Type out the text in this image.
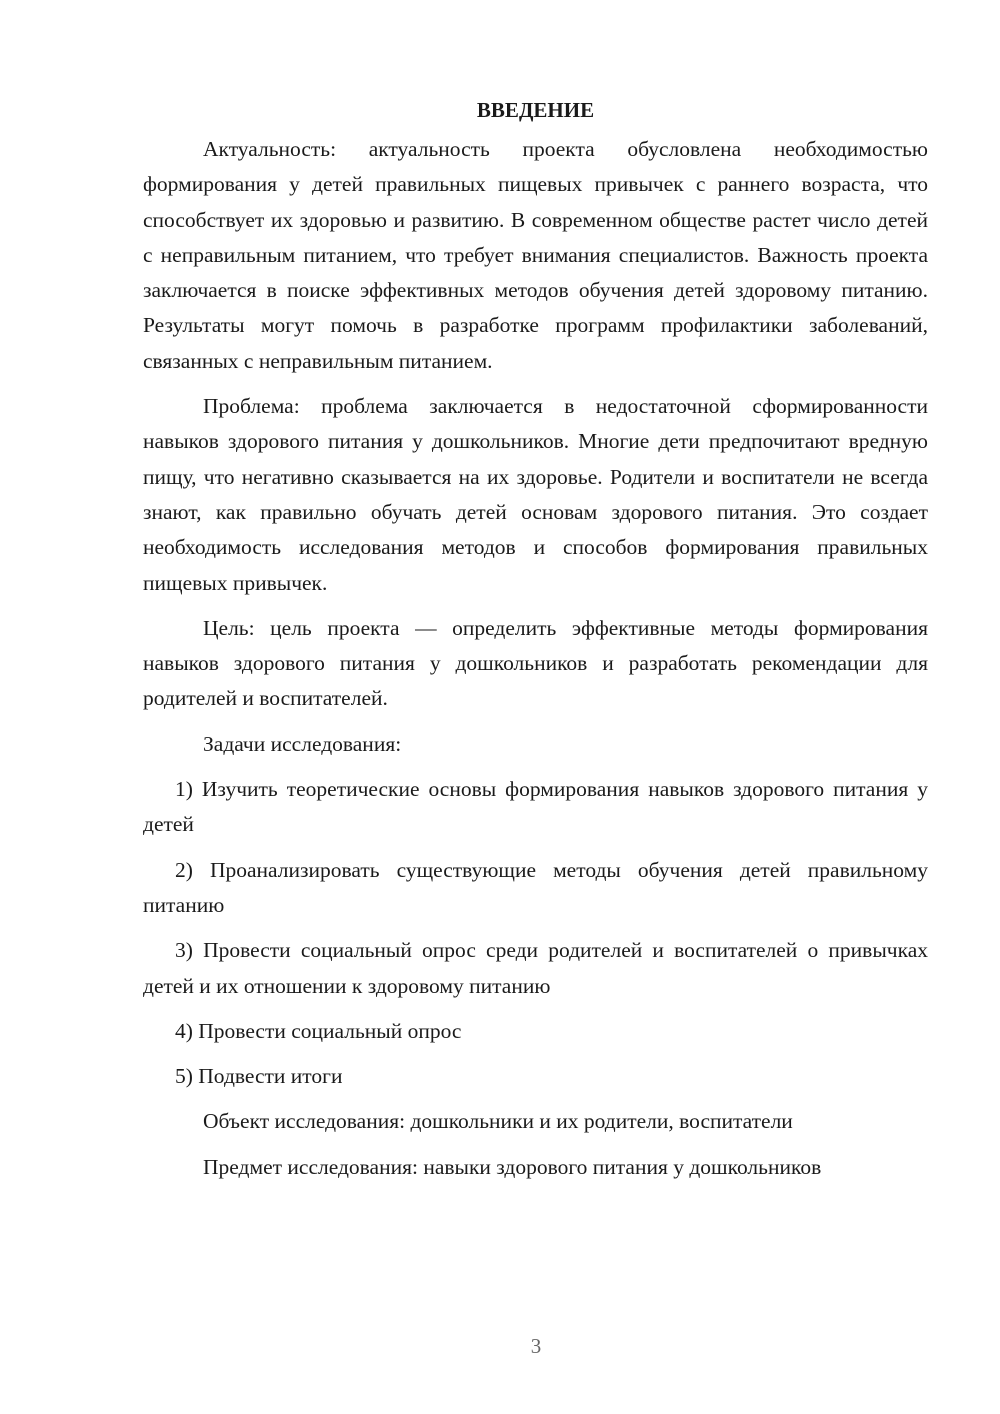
ВВЕДЕНИЕ

Актуальность: актуальность проекта обусловлена необходимостью формирования у детей правильных пищевых привычек с раннего возраста, что способствует их здоровью и развитию. В современном обществе растет число детей с неправильным питанием, что требует внимания специалистов. Важность проекта заключается в поиске эффективных методов обучения детей здоровому питанию. Результаты могут помочь в разработке программ профилактики заболеваний, связанных с неправильным питанием.

Проблема: проблема заключается в недостаточной сформированности навыков здорового питания у дошкольников. Многие дети предпочитают вредную пищу, что негативно сказывается на их здоровье. Родители и воспитатели не всегда знают, как правильно обучать детей основам здорового питания. Это создает необходимость исследования методов и способов формирования правильных пищевых привычек.

Цель: цель проекта — определить эффективные методы формирования навыков здорового питания у дошкольников и разработать рекомендации для родителей и воспитателей.

Задачи исследования:

1) Изучить теоретические основы формирования навыков здорового питания у детей

2) Проанализировать существующие методы обучения детей правильному питанию

3) Провести социальный опрос среди родителей и воспитателей о привычках детей и их отношении к здоровому питанию

4) Провести социальный опрос

5) Подвести итоги

Объект исследования: дошкольники и их родители, воспитатели

Предмет исследования: навыки здорового питания у дошкольников

3
